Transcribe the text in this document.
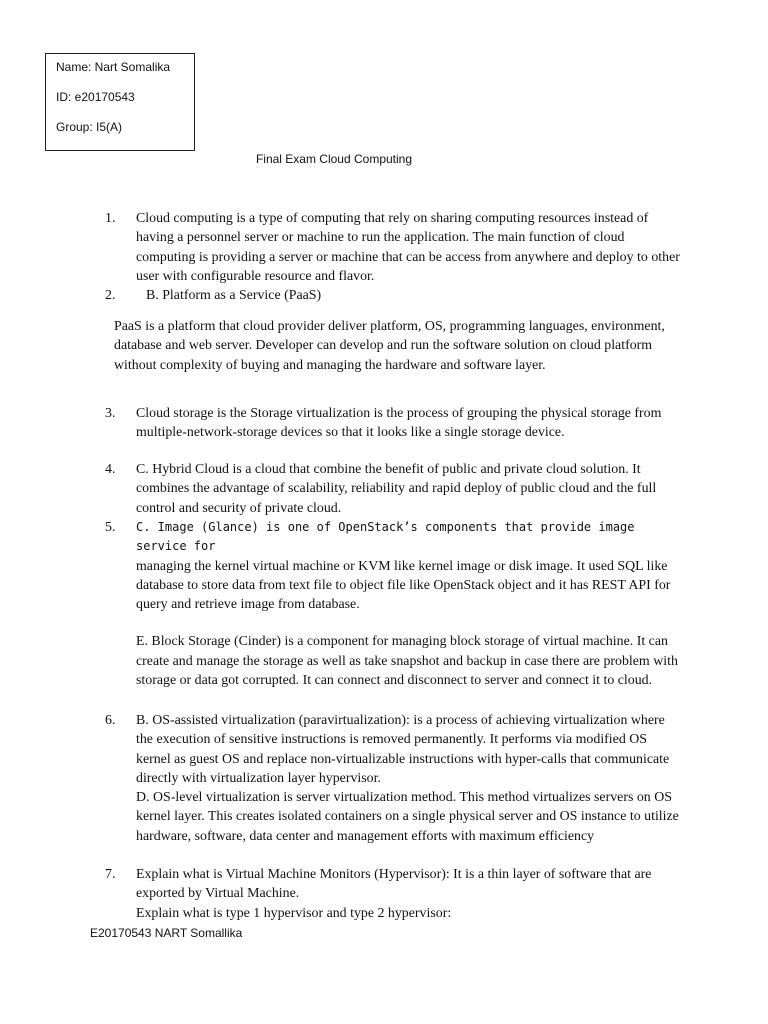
Name: Nart Somalika
ID: e20170543
Group: I5(A)
Final Exam Cloud Computing
1.	Cloud computing is a type of computing that rely on sharing computing resources instead of having a personnel server or machine to run the application. The main function of cloud computing is providing a server or machine that can be access from anywhere and deploy to other user with configurable resource and flavor.

2.	B. Platform as a Service (PaaS)

PaaS is a platform that cloud provider deliver platform, OS, programming languages, environment, database and web server. Developer can develop and run the software solution on cloud platform without complexity of buying and managing the hardware and software layer.

3.	Cloud storage is the Storage virtualization is the process of grouping the physical storage from multiple-network-storage devices so that it looks like a single storage device.

4.	C. Hybrid Cloud is a cloud that combine the benefit of public and private cloud solution. It combines the advantage of scalability, reliability and rapid deploy of public cloud and the full control and security of private cloud.

5.	C. Image (Glance) is one of OpenStack’s components that provide image service for

managing the kernel virtual machine or KVM like kernel image or disk image. It used SQL like database to store data from text file to object file like OpenStack object and it has REST API for query and retrieve image from database.

E. Block Storage (Cinder) is a component for managing block storage of virtual machine. It can create and manage the storage as well as take snapshot and backup in case there are problem with storage or data got corrupted. It can connect and disconnect to server and connect it to cloud.

6.	B. OS-assisted virtualization (paravirtualization): is a process of achieving virtualization where the execution of sensitive instructions is removed permanently. It performs via modified OS kernel as guest OS and replace non-virtualizable instructions with hyper-calls that communicate directly with virtualization layer hypervisor.

D. OS-level virtualization is server virtualization method. This method virtualizes servers on OS kernel layer. This creates isolated containers on a single physical server and OS instance to utilize hardware, software, data center and management efforts with maximum efficiency

7.	Explain what is Virtual Machine Monitors (Hypervisor): It is a thin layer of software that are exported by Virtual Machine.

Explain what is type 1 hypervisor and type 2 hypervisor:

E20170543 NART Somallika
